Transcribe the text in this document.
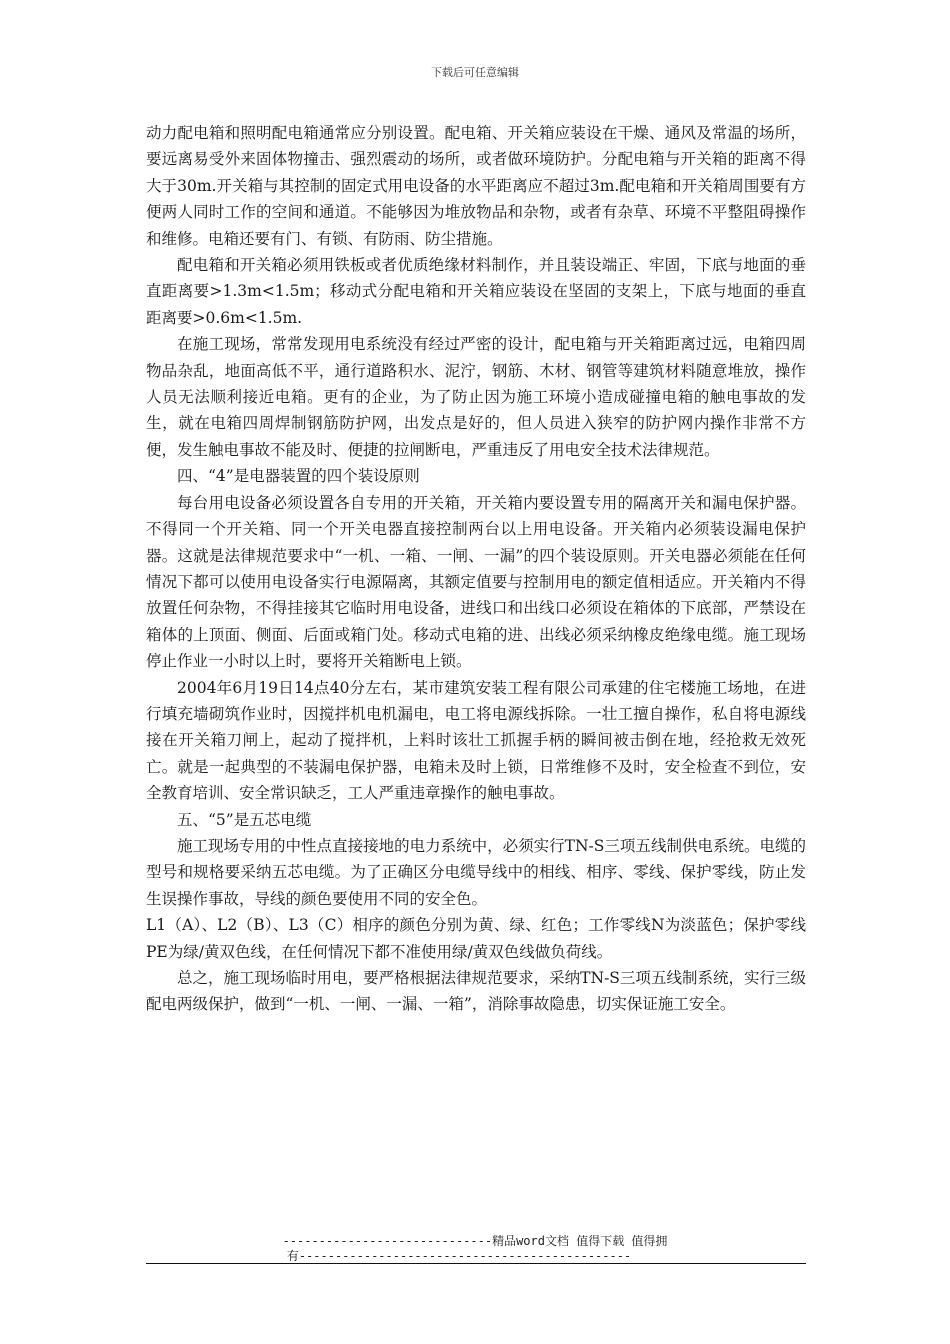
下载后可任意编辑

动力配电箱和照明配电箱通常应分别设置。配电箱、开关箱应装设在干燥、通风及常温的场所，要远离易受外来固体物撞击、强烈震动的场所，或者做环境防护。分配电箱与开关箱的距离不得大于30m.开关箱与其控制的固定式用电设备的水平距离应不超过3m.配电箱和开关箱周围要有方便两人同时工作的空间和通道。不能够因为堆放物品和杂物，或者有杂草、环境不平整阻碍操作和维修。电箱还要有门、有锁、有防雨、防尘措施。

配电箱和开关箱必须用铁板或者优质绝缘材料制作，并且装设端正、牢固，下底与地面的垂直距离要>1.3m<1.5m；移动式分配电箱和开关箱应装设在坚固的支架上，下底与地面的垂直距离要>0.6m<1.5m.

在施工现场，常常发现用电系统没有经过严密的设计，配电箱与开关箱距离过远，电箱四周物品杂乱，地面高低不平，通行道路积水、泥泞，钢筋、木材、钢管等建筑材料随意堆放，操作人员无法顺利接近电箱。更有的企业，为了防止因为施工环境小造成碰撞电箱的触电事故的发生，就在电箱四周焊制钢筋防护网，出发点是好的，但人员进入狭窄的防护网内操作非常不方便，发生触电事故不能及时、便捷的拉闸断电，严重违反了用电安全技术法律规范。

四、“4”是电器装置的四个装设原则

每台用电设备必须设置各自专用的开关箱，开关箱内要设置专用的隔离开关和漏电保护器。不得同一个开关箱、同一个开关电器直接控制两台以上用电设备。开关箱内必须装设漏电保护器。这就是法律规范要求中“一机、一箱、一闸、一漏”的四个装设原则。开关电器必须能在任何情况下都可以使用电设备实行电源隔离，其额定值要与控制用电的额定值相适应。开关箱内不得放置任何杂物，不得挂接其它临时用电设备，进线口和出线口必须设在箱体的下底部，严禁设在箱体的上顶面、侧面、后面或箱门处。移动式电箱的进、出线必须采纳橡皮绝缘电缆。施工现场停止作业一小时以上时，要将开关箱断电上锁。

2004年6月19日14点40分左右，某市建筑安装工程有限公司承建的住宅楼施工场地，在进行填充墙砌筑作业时，因搅拌机电机漏电，电工将电源线拆除。一壮工擅自操作，私自将电源线接在开关箱刀闸上，起动了搅拌机，上料时该壮工抓握手柄的瞬间被击倒在地，经抢救无效死亡。就是一起典型的不装漏电保护器，电箱未及时上锁，日常维修不及时，安全检查不到位，安全教育培训、安全常识缺乏，工人严重违章操作的触电事故。

五、“5”是五芯电缆

施工现场专用的中性点直接接地的电力系统中，必须实行TN-S三项五线制供电系统。电缆的型号和规格要采纳五芯电缆。为了正确区分电缆导线中的相线、相序、零线、保护零线，防止发生误操作事故，导线的颜色要使用不同的安全色。

L1（A）、L2（B）、L3（C）相序的颜色分别为黄、绿、红色；工作零线N为淡蓝色；保护零线PE为绿/黄双色线，在任何情况下都不准使用绿/黄双色线做负荷线。

总之，施工现场临时用电，要严格根据法律规范要求，采纳TN-S三项五线制系统，实行三级配电两级保护，做到“一机、一闸、一漏、一箱”，消除事故隐患，切实保证施工安全。

-----------------------------精品word文档 值得下载 值得拥
有----------------------------------------------
